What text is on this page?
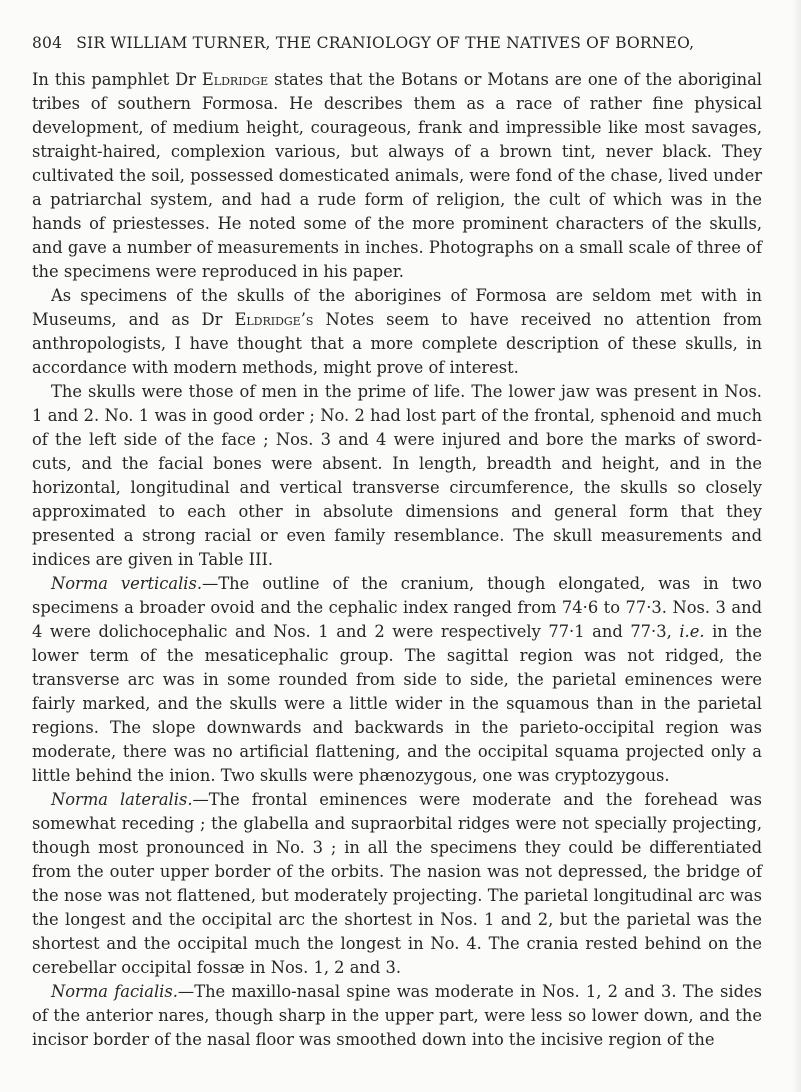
804 SIR WILLIAM TURNER, THE CRANIOLOGY OF THE NATIVES OF BORNEO,

In this pamphlet Dr Eldridge states that the Botans or Motans are one of the aboriginal tribes of southern Formosa. He describes them as a race of rather fine physical development, of medium height, courageous, frank and impressible like most savages, straight-haired, complexion various, but always of a brown tint, never black. They cultivated the soil, possessed domesticated animals, were fond of the chase, lived under a patriarchal system, and had a rude form of religion, the cult of which was in the hands of priestesses. He noted some of the more prominent characters of the skulls, and gave a number of measurements in inches. Photographs on a small scale of three of the specimens were reproduced in his paper.

As specimens of the skulls of the aborigines of Formosa are seldom met with in Museums, and as Dr Eldridge’s Notes seem to have received no attention from anthropologists, I have thought that a more complete description of these skulls, in accordance with modern methods, might prove of interest.

The skulls were those of men in the prime of life. The lower jaw was present in Nos. 1 and 2. No. 1 was in good order ; No. 2 had lost part of the frontal, sphenoid and much of the left side of the face ; Nos. 3 and 4 were injured and bore the marks of sword-cuts, and the facial bones were absent. In length, breadth and height, and in the horizontal, longitudinal and vertical transverse circumference, the skulls so closely approximated to each other in absolute dimensions and general form that they presented a strong racial or even family resemblance. The skull measurements and indices are given in Table III.

Norma verticalis.—The outline of the cranium, though elongated, was in two specimens a broader ovoid and the cephalic index ranged from 74·6 to 77·3. Nos. 3 and 4 were dolichocephalic and Nos. 1 and 2 were respectively 77·1 and 77·3, i.e. in the lower term of the mesaticephalic group. The sagittal region was not ridged, the transverse arc was in some rounded from side to side, the parietal eminences were fairly marked, and the skulls were a little wider in the squamous than in the parietal regions. The slope downwards and backwards in the parieto-occipital region was moderate, there was no artificial flattening, and the occipital squama projected only a little behind the inion. Two skulls were phænozygous, one was cryptozygous.

Norma lateralis.—The frontal eminences were moderate and the forehead was somewhat receding ; the glabella and supraorbital ridges were not specially projecting, though most pronounced in No. 3 ; in all the specimens they could be differentiated from the outer upper border of the orbits. The nasion was not depressed, the bridge of the nose was not flattened, but moderately projecting. The parietal longitudinal arc was the longest and the occipital arc the shortest in Nos. 1 and 2, but the parietal was the shortest and the occipital much the longest in No. 4. The crania rested behind on the cerebellar occipital fossæ in Nos. 1, 2 and 3.

Norma facialis.—The maxillo-nasal spine was moderate in Nos. 1, 2 and 3. The sides of the anterior nares, though sharp in the upper part, were less so lower down, and the incisor border of the nasal floor was smoothed down into the incisive region of the
